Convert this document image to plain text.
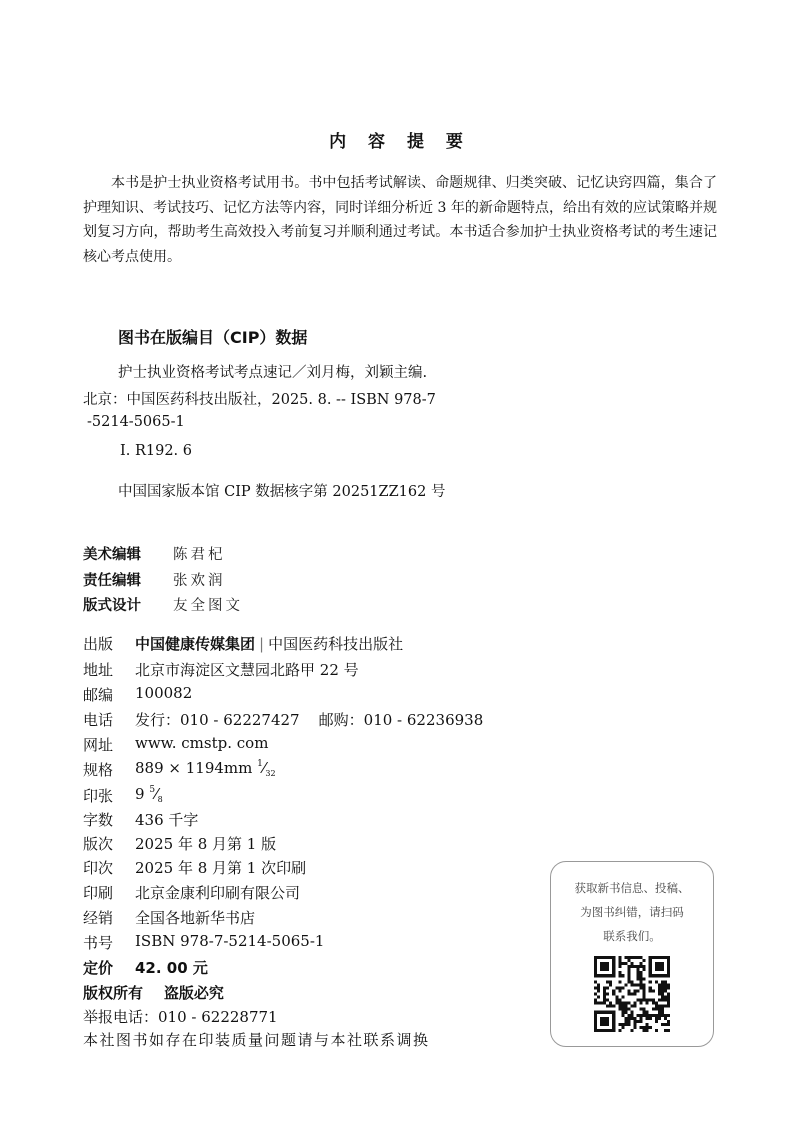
内 容 提 要
本书是护士执业资格考试用书。书中包括考试解读、命题规律、归类突破、记忆诀窍四篇，集合了护理知识、考试技巧、记忆方法等内容，同时详细分析近 3 年的新命题特点，给出有效的应试策略并规划复习方向，帮助考生高效投入考前复习并顺利通过考试。本书适合参加护士执业资格考试的考生速记核心考点使用。
图书在版编目（CIP）数据
护士执业资格考试考点速记／刘月梅，刘颖主编.
北京：中国医药科技出版社，2025. 8. -- ISBN 978-7
-5214-5065-1
Ⅰ. R192. 6
中国国家版本馆 CIP 数据核字第 20251ZZ162 号
美术编辑 陈君杞
责任编辑 张欢润
版式设计 友全图文
出版 中国健康传媒集团 | 中国医药科技出版社
地址 北京市海淀区文慧园北路甲 22 号
邮编 100082
电话 发行：010 - 62227427    邮购：010 - 62236938
网址 www. cmstp. com
规格 889 × 1194mm $^1⁄_{32}$
印张 9 $^5⁄_8$
字数 436 千字
版次 2025 年 8 月第 1 版
印次 2025 年 8 月第 1 次印刷
印刷 北京金康利印刷有限公司
经销 全国各地新华书店
书号 ISBN 978-7-5214-5065-1
定价 42. 00 元
版权所有    盗版必究
举报电话：010 - 62228771
本社图书如存在印装质量问题请与本社联系调换
获取新书信息、投稿、
为图书纠错，请扫码
联系我们。
